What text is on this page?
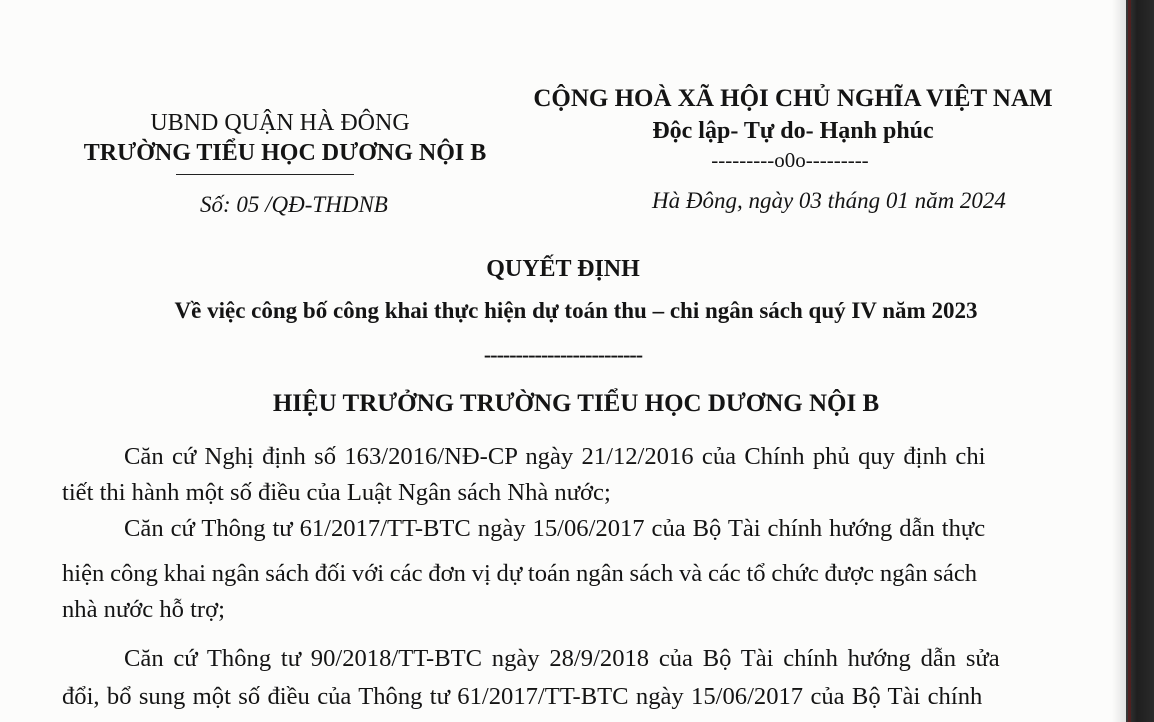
UBND QUẬN HÀ ĐÔNG
TRƯỜNG TIỂU HỌC DƯƠNG NỘI B
Số: 05 /QĐ-THDNB
CỘNG HOÀ XÃ HỘI CHỦ NGHĨA VIỆT NAM
Độc lập- Tự do- Hạnh phúc
---------o0o---------
Hà Đông, ngày 03 tháng 01 năm 2024
QUYẾT ĐỊNH
Về việc công bố công khai thực hiện dự toán thu – chi ngân sách quý IV năm 2023
-------------------------
HIỆU TRƯỞNG TRƯỜNG TIỂU HỌC DƯƠNG NỘI B
Căn cứ Nghị định số 163/2016/NĐ-CP ngày 21/12/2016 của Chính phủ quy định chi
tiết thi hành một số điều của Luật Ngân sách Nhà nước;
Căn cứ Thông tư 61/2017/TT-BTC ngày 15/06/2017 của Bộ Tài chính hướng dẫn thực
hiện công khai ngân sách đối với các đơn vị dự toán ngân sách và các tổ chức được ngân sách
nhà nước hỗ trợ;
Căn cứ Thông tư 90/2018/TT-BTC ngày 28/9/2018 của Bộ Tài chính hướng dẫn sửa
đổi, bổ sung một số điều của Thông tư 61/2017/TT-BTC ngày 15/06/2017 của Bộ Tài chính
